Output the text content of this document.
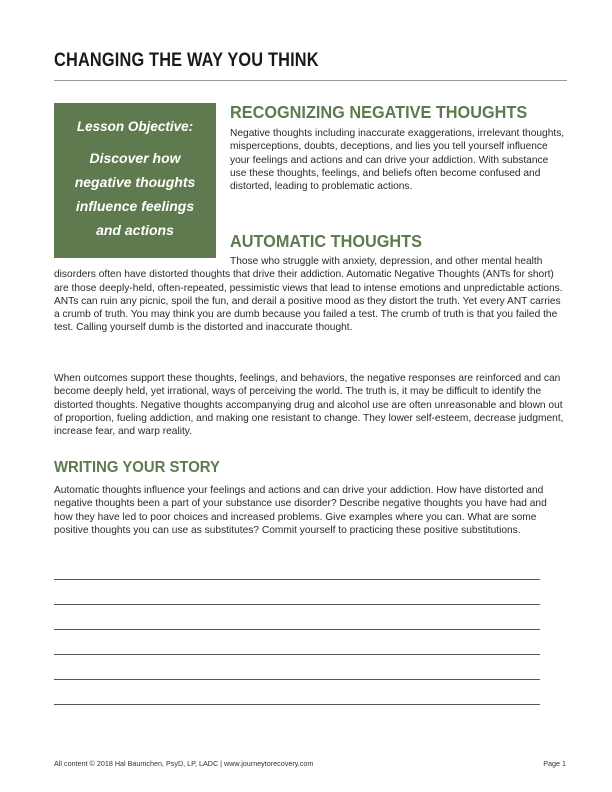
CHANGING THE WAY YOU THINK
Lesson Objective:
Discover how negative thoughts influence feelings and actions
RECOGNIZING NEGATIVE THOUGHTS

Negative thoughts including inaccurate exaggerations, irrelevant thoughts, misperceptions, doubts, deceptions, and lies you tell yourself influence your feelings and actions and can drive your addiction. With substance use these thoughts, feelings, and beliefs often become confused and distorted, leading to problematic actions.

AUTOMATIC THOUGHTS

Those who struggle with anxiety, depression, and other mental health disorders often have distorted thoughts that drive their addiction. Automatic Negative Thoughts (ANTs for short) are those deeply-held, often-repeated, pessimistic views that lead to intense emotions and unpredictable actions. ANTs can ruin any picnic, spoil the fun, and derail a positive mood as they distort the truth. Yet every ANT carries a crumb of truth. You may think you are dumb because you failed a test. The crumb of truth is that you failed the test. Calling yourself dumb is the distorted and inaccurate thought.

When outcomes support these thoughts, feelings, and behaviors, the negative responses are reinforced and can become deeply held, yet irrational, ways of perceiving the world. The truth is, it may be difficult to identify the distorted thoughts. Negative thoughts accompanying drug and alcohol use are often unreasonable and blown out of proportion, fueling addiction, and making one resistant to change. They lower self-esteem, decrease judgment, increase fear, and warp reality.

WRITING YOUR STORY

Automatic thoughts influence your feelings and actions and can drive your addiction. How have distorted and negative thoughts been a part of your substance use disorder? Describe negative thoughts you have had and how they have led to poor choices and increased problems. Give examples where you can. What are some positive thoughts you can use as substitutes? Commit yourself to practicing these positive substitutions.

All content © 2018 Hal Baumchen, PsyD, LP, LADC | www.journeytorecovery.com	Page 1
